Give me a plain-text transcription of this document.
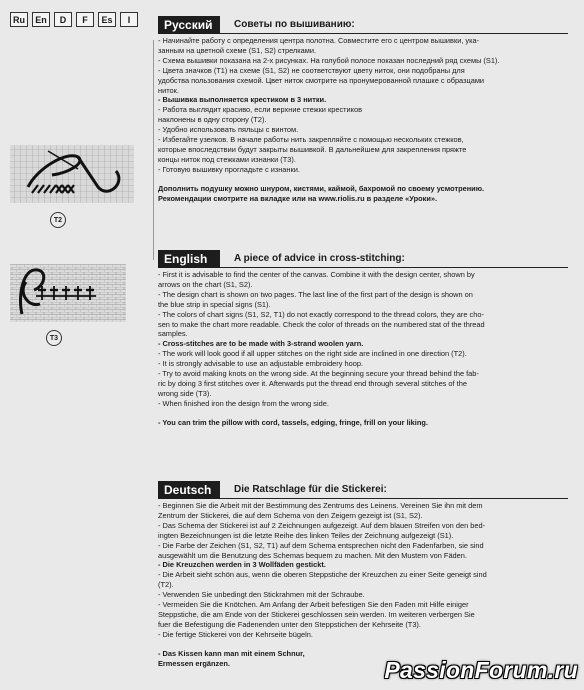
Ru	En	D	F	Es	I
T2
T3
Русский Советы по вышиванию:
- Начинайте работу с определения центра полотна. Совместите его с центром вышивки, ука-
занным на цветной схеме (S1, S2) стрелками.
- Схема вышивки показана на 2-х рисунках. На голубой полосе показан последний ряд схемы (S1).
- Цвета значков (T1) на схеме (S1, S2) не соответствуют цвету ниток, они подобраны для
удобства пользования схемой. Цвет ниток смотрите на пронумерованной плашке с образцами
ниток.
- Вышивка выполняется крестиком в 3 нитки.
- Работа выглядит красиво, если верхние стежки крестиков
наклонены в одну сторону (T2).
- Удобно использовать пяльцы с винтом.
- Избегайте узелков. В начале работы нить закрепляйте с помощью нескольких стежков,
которые впоследствии будут закрыты вышивкой. В дальнейшем для закрепления пряжте
концы ниток под стежками изнанки (T3).
- Готовую вышивку прогладьте с изнанки.
Дополнить подушку можно шнуром, кистями, каймой, бахромой по своему усмотрению.
Рекомендации смотрите на вкладке или на www.riolis.ru в разделе «Уроки».
English	A piece of advice in cross-stitching:
- First it is advisable to find the center of the canvas. Combine it with the design center, shown by
arrows on the chart (S1, S2).
- The design chart is shown on two pages. The last line of the first part of the design is shown on
the blue strip in special signs (S1).
- The colors of chart signs (S1, S2, T1) do not exactly correspond to the thread colors, they are cho-
sen to make the chart more readable. Check the color of threads on the numbered stat of the thread
samples.
- Cross-stitches are to be made with 3-strand woolen yarn.
- The work will look good if all upper stitches on the right side are inclined in one direction (T2).
- It is strongly advisable to use an adjustable embroidery hoop.
- Try to avoid making knots on the wrong side. At the beginning secure your thread behind the fab-
ric by doing 3 first stitches over it. Afterwards put the thread end through several stitches of the
wrong side (T3).
- When finished iron the design from the wrong side.
- You can trim the pillow with cord, tassels, edging, fringe, frill on your liking.
Deutsch Die Ratschlage für die Stickerei:
- Beginnen Sie die Arbeit mit der Bestimmung des Zentrums des Leinens. Vereinen Sie ihn mit dem
Zentrum der Stickerei, die auf dem Schema von den Zeigern gezeigt ist (S1, S2).
- Das Schema der Stickerei ist auf 2 Zeichnungen aufgezeigt. Auf dem blauen Streifen von den bed-
ingten Bezeichnungen ist die letzte Reihe des linken Teiles der Zeichnung aufgezeigt (S1).
- Die Farbe der Zeichen (S1, S2, T1) auf dem Schema entsprechen nicht den Fadenfarben, sie sind
ausgewählt um die Benutzung des Schemas bequem zu machen. Mit den Mustern von Fäden.
- Die Kreuzchen werden in 3 Wollfäden gestickt.
- Die Arbeit sieht schön aus, wenn die oberen Steppstiche der Kreuzchen zu einer Seite geneigt sind
(T2).
- Verwenden Sie unbedingt den Stickrahmen mit der Schraube.
- Vermeiden Sie die Knötchen. Am Anfang der Arbeit befestigen Sie den Faden mit Hilfe einiger
Steppstiche, die am Ende von der Stickerei geschlossen sein werden. Im weiteren verbergen Sie
fuer die Befestigung die Fadenenden unter den Steppstichen der Kehrseite (T3).
- Die fertige Stickerei von der Kehrseite bügeln.
- Das Kissen kann man mit einem Schnur,
Ermessen ergänzen.	PassionForum.ru
